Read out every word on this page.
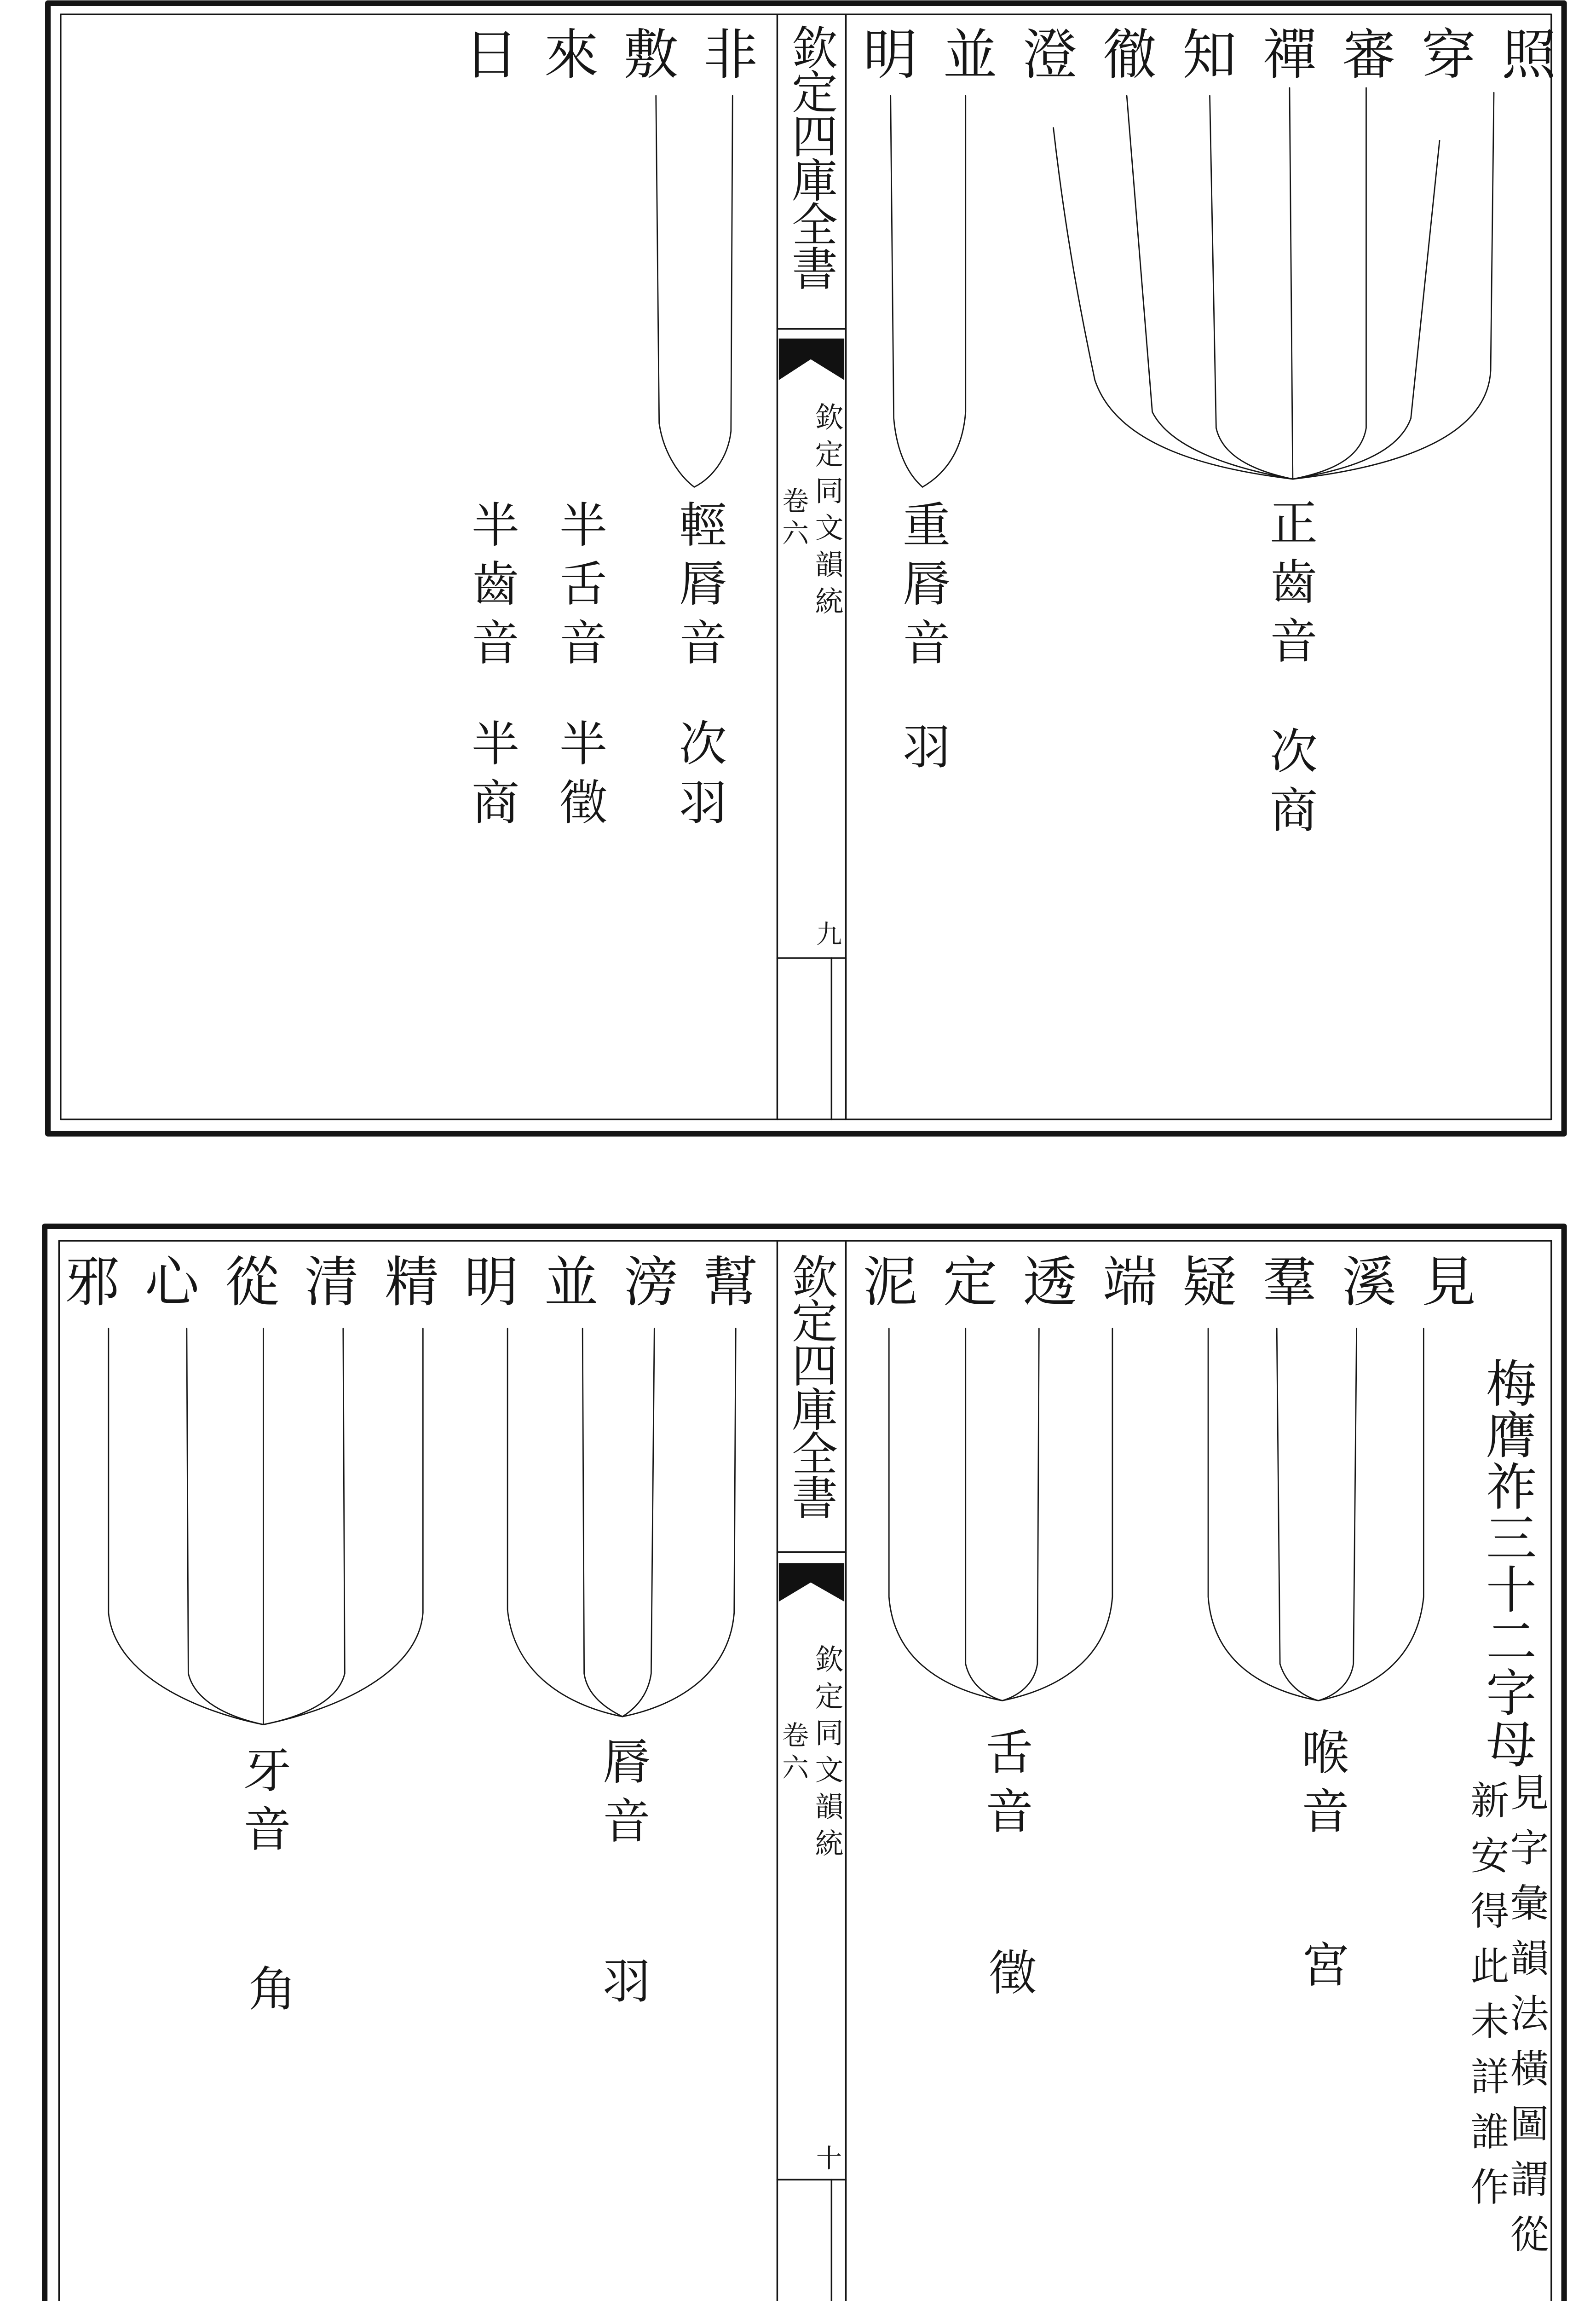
照
穿
審
禪
知
徹
澄
並
明
非
敷
來
日
正齒音
次商
重脣音
羽
輕脣音
次羽
半舌音
半徵
半齒音
半商
欽定四庫全書
欽定同文韻統
卷六
九
見
溪
羣
疑
端
透
定
泥
幫
滂
並
明
精
清
從
心
邪
喉音
宮
舌音
徵
脣音
羽
牙音
角
梅膺祚三十二字母
見字彙韻法橫圖謂從
新安得此未詳誰作
欽定四庫全書
欽定同文韻統
卷六
十
